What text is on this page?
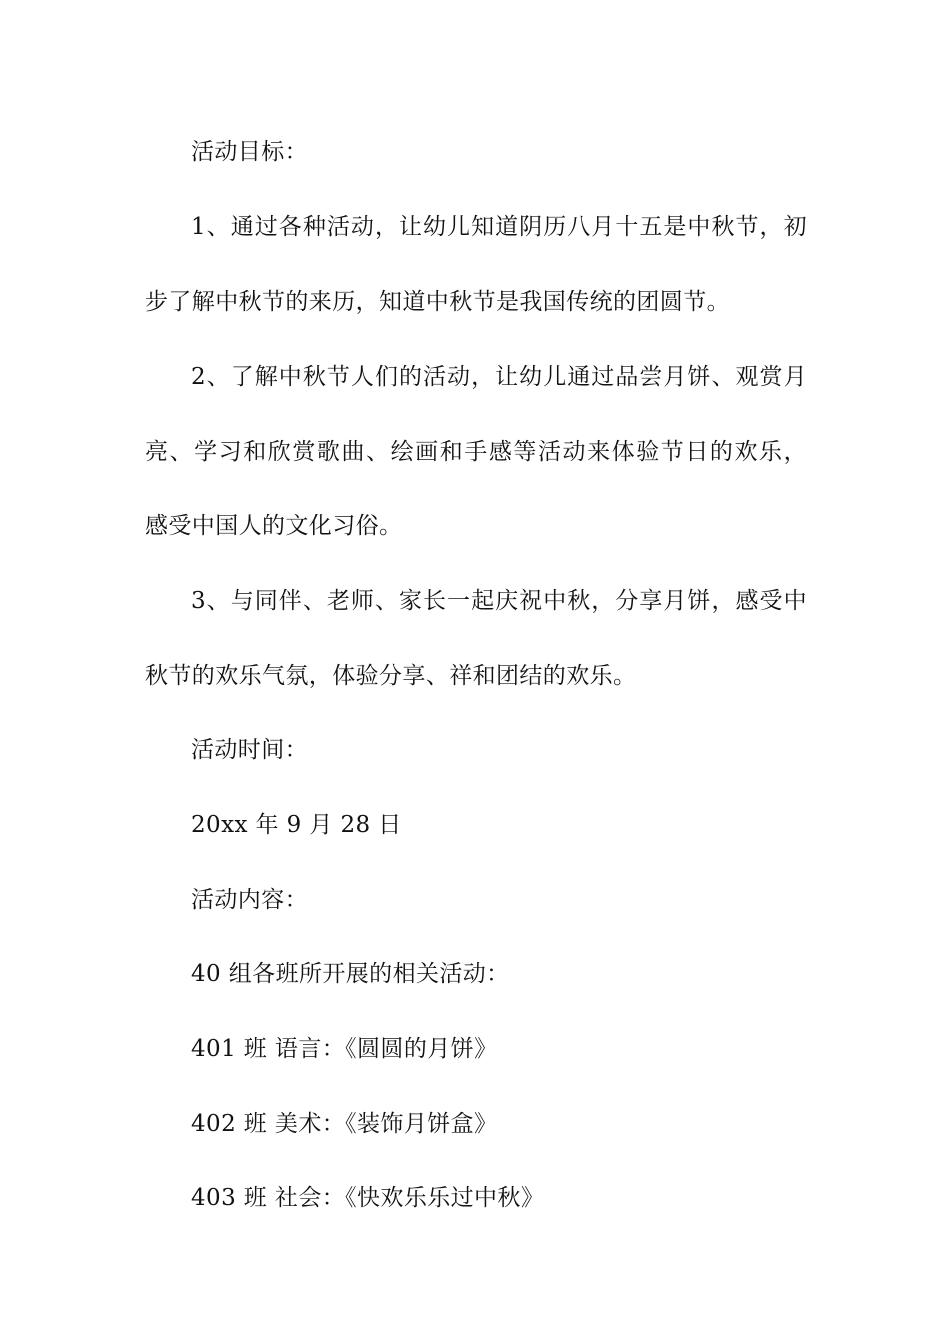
活动目标：
1、通过各种活动，让幼儿知道阴历八月十五是中秋节，初
步了解中秋节的来历，知道中秋节是我国传统的团圆节。
2、了解中秋节人们的活动，让幼儿通过品尝月饼、观赏月
亮、学习和欣赏歌曲、绘画和手感等活动来体验节日的欢乐，
感受中国人的文化习俗。
3、与同伴、老师、家长一起庆祝中秋，分享月饼，感受中
秋节的欢乐气氛，体验分享、祥和团结的欢乐。
活动时间：
20xx 年 9 月 28 日
活动内容：
40 组各班所开展的相关活动：
401 班 语言：《圆圆的月饼》
402 班 美术：《装饰月饼盒》
403 班 社会：《快欢乐乐过中秋》
